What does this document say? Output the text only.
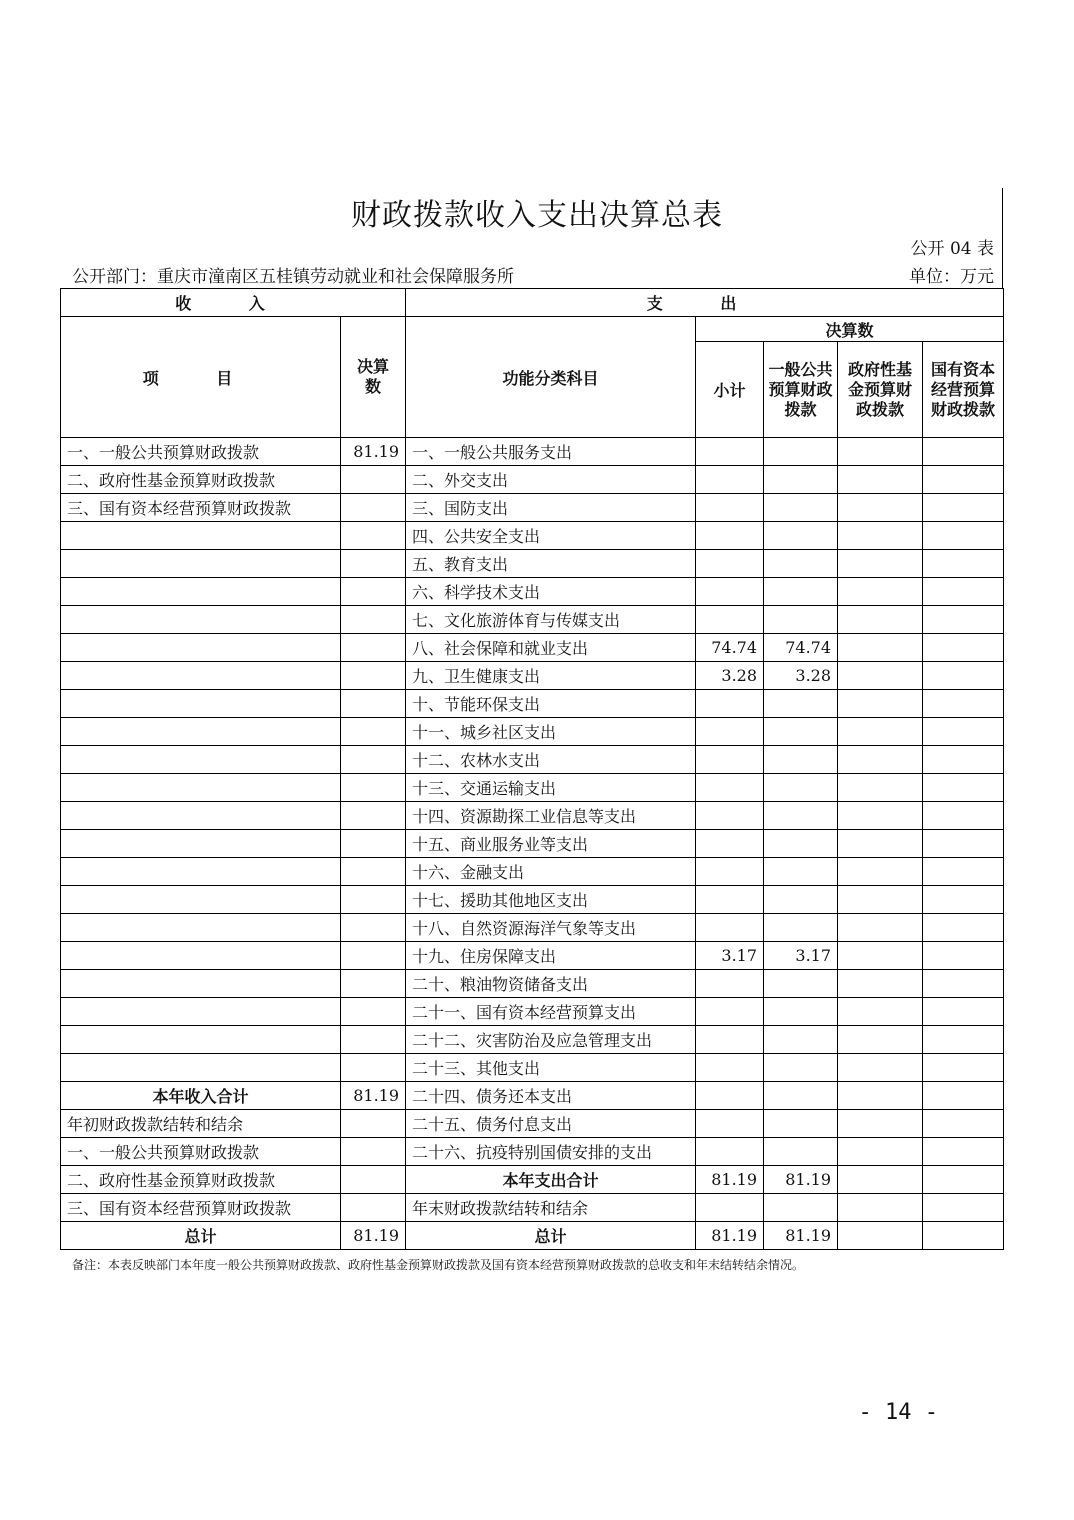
财政拨款收入支出决算总表
公开 04 表
公开部门：重庆市潼南区五桂镇劳动就业和社会保障服务所	单位：万元
收 入		支 出				
项 目	决算数	功能分类科目	决算数			
			小计	一般公共预算财政拨款	政府性基金预算财政拨款	国有资本经营预算财政拨款
一、一般公共预算财政拨款	81.19	一、一般公共服务支出				
二、政府性基金预算财政拨款		二、外交支出				
三、国有资本经营预算财政拨款		三、国防支出				
		四、公共安全支出				
		五、教育支出				
		六、科学技术支出				
		七、文化旅游体育与传媒支出				
		八、社会保障和就业支出	74.74	74.74		
		九、卫生健康支出	3.28	3.28		
		十、节能环保支出				
		十一、城乡社区支出				
		十二、农林水支出				
		十三、交通运输支出				
		十四、资源勘探工业信息等支出				
		十五、商业服务业等支出				
		十六、金融支出				
		十七、援助其他地区支出				
		十八、自然资源海洋气象等支出				
		十九、住房保障支出	3.17	3.17		
		二十、粮油物资储备支出				
		二十一、国有资本经营预算支出				
		二十二、灾害防治及应急管理支出				
		二十三、其他支出				
本年收入合计	81.19	二十四、债务还本支出				
年初财政拨款结转和结余		二十五、债务付息支出				
一、一般公共预算财政拨款		二十六、抗疫特别国债安排的支出				
二、政府性基金预算财政拨款		本年支出合计	81.19	81.19		
三、国有资本经营预算财政拨款		年末财政拨款结转和结余				
总计	81.19	总计	81.19	81.19		
备注：本表反映部门本年度一般公共预算财政拨款、政府性基金预算财政拨款及国有资本经营预算财政拨款的总收支和年末结转结余情况。
- 14 -
